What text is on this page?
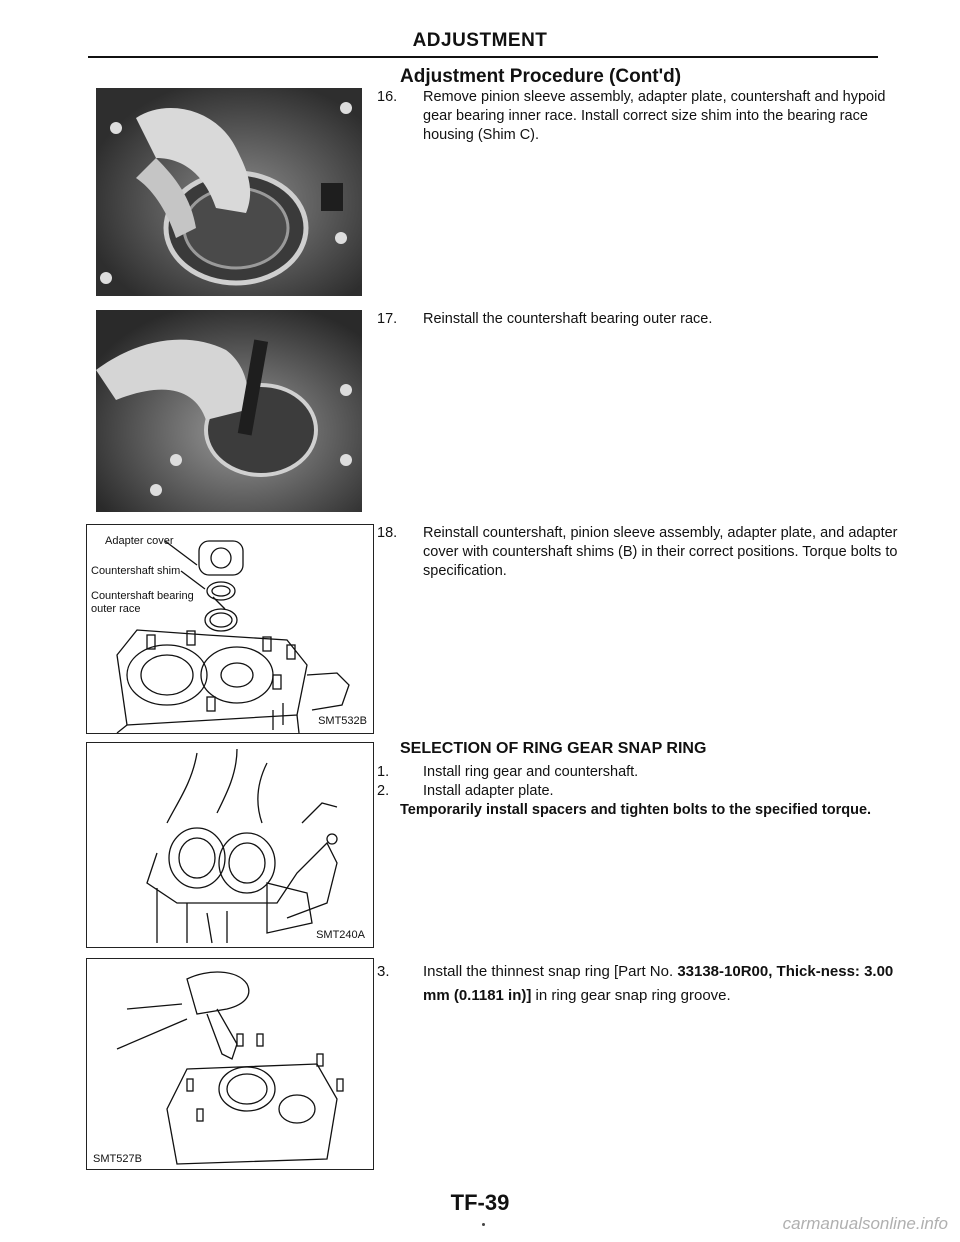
ADJUSTMENT
Adjustment Procedure (Cont'd)
16. Remove pinion sleeve assembly, adapter plate, countershaft and hypoid gear bearing inner race. Install correct size shim into the bearing race housing (Shim C).
17. Reinstall the countershaft bearing outer race.
18. Reinstall countershaft, pinion sleeve assembly, adapter plate, and adapter cover with countershaft shims (B) in their correct positions. Torque bolts to specification.
SELECTION OF RING GEAR SNAP RING
1. Install ring gear and countershaft.
2. Install adapter plate.
Temporarily install spacers and tighten bolts to the specified torque.
3. Install the thinnest snap ring [Part No. 33138-10R00, Thick-ness: 3.00 mm (0.1181 in)] in ring gear snap ring groove.
Adapter cover
Countershaft shim
Countershaft bearing
outer race
SMT532B
SMT240A
SMT527B
TF-39
carmanualsonline.info
